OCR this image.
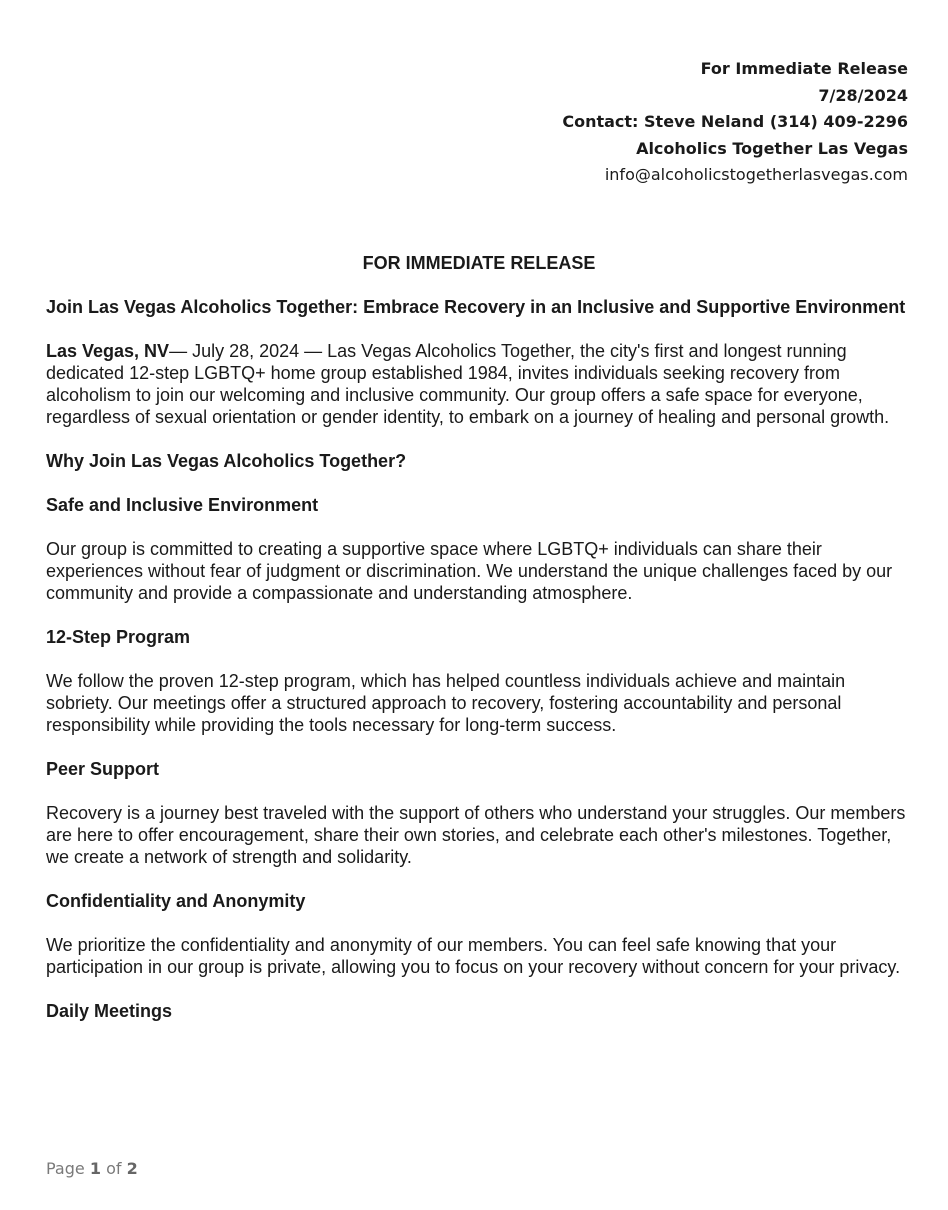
For Immediate Release
7/28/2024
Contact: Steve Neland (314) 409-2296
Alcoholics Together Las Vegas
info@alcoholicstogetherlasvegas.com
FOR IMMEDIATE RELEASE
Join Las Vegas Alcoholics Together: Embrace Recovery in an Inclusive and Supportive Environment
Las Vegas, NV— July 28, 2024 — Las Vegas Alcoholics Together, the city's first and longest running dedicated 12-step LGBTQ+ home group established 1984, invites individuals seeking recovery from alcoholism to join our welcoming and inclusive community. Our group offers a safe space for everyone, regardless of sexual orientation or gender identity, to embark on a journey of healing and personal growth.
Why Join Las Vegas Alcoholics Together?
Safe and Inclusive Environment
Our group is committed to creating a supportive space where LGBTQ+ individuals can share their experiences without fear of judgment or discrimination. We understand the unique challenges faced by our community and provide a compassionate and understanding atmosphere.
12-Step Program
We follow the proven 12-step program, which has helped countless individuals achieve and maintain sobriety. Our meetings offer a structured approach to recovery, fostering accountability and personal responsibility while providing the tools necessary for long-term success.
Peer Support
Recovery is a journey best traveled with the support of others who understand your struggles. Our members are here to offer encouragement, share their own stories, and celebrate each other's milestones. Together, we create a network of strength and solidarity.
Confidentiality and Anonymity
We prioritize the confidentiality and anonymity of our members. You can feel safe knowing that your participation in our group is private, allowing you to focus on your recovery without concern for your privacy.
Daily Meetings
Page 1 of 2
